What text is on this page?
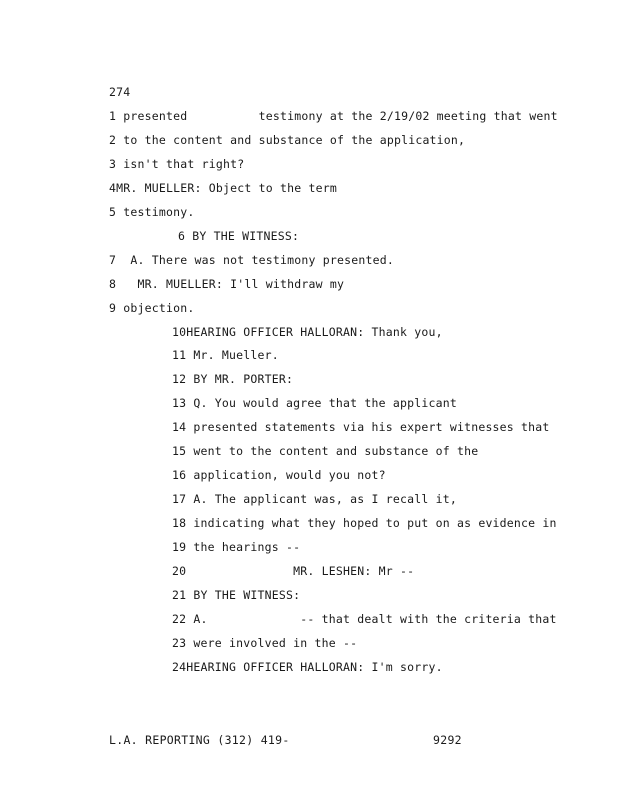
274
1 presented          testimony at the 2/19/02 meeting that went
2 to the content and substance of the application,
3 isn't that right?
4MR. MUELLER: Object to the term
5 testimony.
6 BY THE WITNESS:
7  A. There was not testimony presented.
8   MR. MUELLER: I'll withdraw my
9 objection.
10HEARING OFFICER HALLORAN: Thank you,
11 Mr. Mueller.
12 BY MR. PORTER:
13 Q. You would agree that the applicant
14 presented statements via his expert witnesses that
15 went to the content and substance of the
16 application, would you not?
17 A. The applicant was, as I recall it,
18 indicating what they hoped to put on as evidence in
19 the hearings --
20               MR. LESHEN: Mr --
21 BY THE WITNESS:
22 A.             -- that dealt with the criteria that
23 were involved in the --
24HEARING OFFICER HALLORAN: I'm sorry.
L.A. REPORTING (312) 419-	9292
